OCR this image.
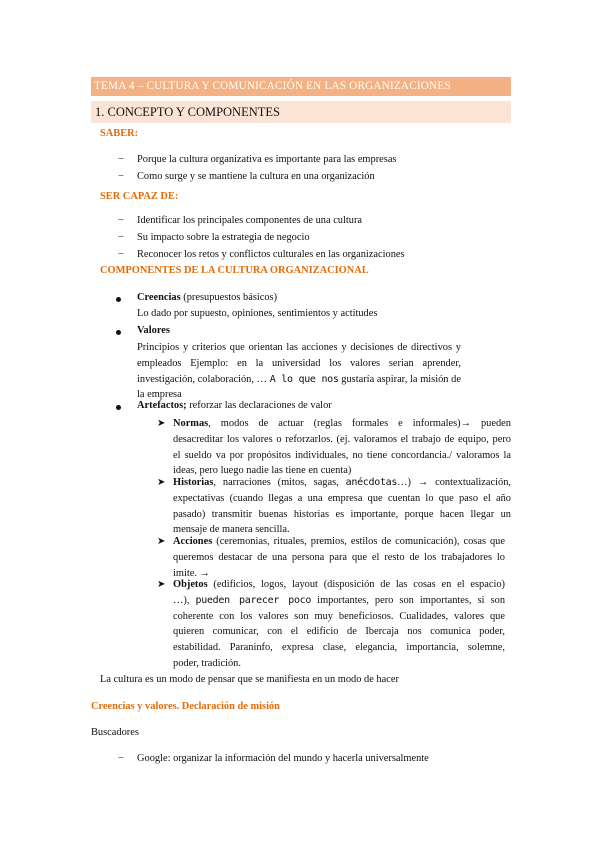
TEMA 4 – CULTURA Y COMUNICACIÓN EN LAS ORGANIZACIONES
1. CONCEPTO Y COMPONENTES
SABER:
− Porque la cultura organizativa es importante para las empresas
− Como surge y se mantiene la cultura en una organización
SER CAPAZ DE:
− Identificar los principales componentes de una cultura
− Su impacto sobre la estrategia de negocio
− Reconocer los retos y conflictos culturales en las organizaciones
COMPONENTES DE LA CULTURA ORGANIZACIONAL
Creencias (presupuestos básicos)
Lo dado por supuesto, opiniones, sentimientos y actitudes
Valores
Principios y criterios que orientan las acciones y decisiones de directivos y
empleados Ejemplo: en la universidad los valores serian aprender,
investigación, colaboración, … A lo que nos gustaría aspirar, la misión de
la empresa
Artefactos; reforzar las declaraciones de valor
➤ Normas, modos de actuar (reglas formales e informales)→ pueden
desacreditar los valores o reforzarlos. (ej. valoramos el trabajo de equipo, pero
el sueldo va por propósitos individuales, no tiene concordancia./ valoramos la
ideas, pero luego nadie las tiene en cuenta)
➤ Historias, narraciones (mitos, sagas, anécdotas…) → contextualización,
expectativas (cuando llegas a una empresa que cuentan lo que paso el año
pasado) transmitir buenas historias es importante, porque hacen llegar un
mensaje de manera sencilla.
➤ Acciones (ceremonias, rituales, premios, estilos de comunicación), cosas que
queremos destacar de una persona para que el resto de los trabajadores lo
imite. →
➤ Objetos (edificios, logos, layout (disposición de las cosas en el espacio)
…), pueden parecer poco importantes, pero son importantes, si son
coherente con los valores son muy beneficiosos. Cualidades, valores que
quieren comunicar, con el edificio de Ibercaja nos comunica poder,
estabilidad. Paraninfo, expresa clase, elegancia, importancia, solemne,
poder, tradición.
La cultura es un modo de pensar que se manifiesta en un modo de hacer
Creencias y valores. Declaración de misión
Buscadores
− Google: organizar la información del mundo y hacerla universalmente
